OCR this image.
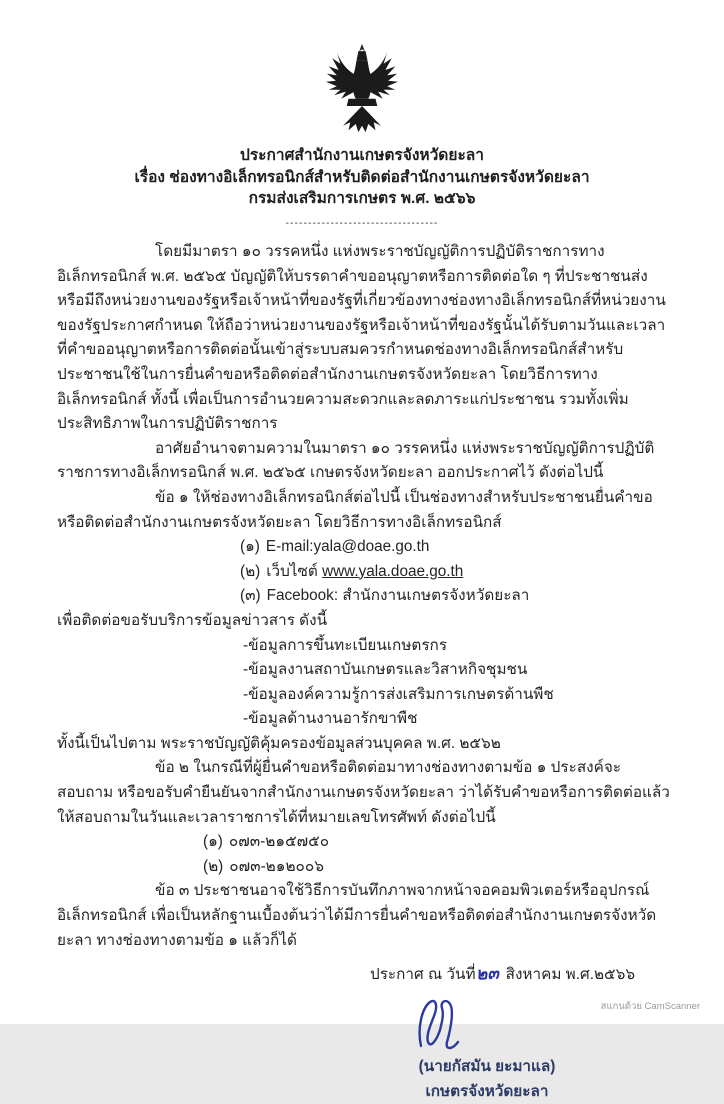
ประกาศสำนักงานเกษตรจังหวัดยะลา
เรื่อง ช่องทางอิเล็กทรอนิกส์สำหรับติดต่อสำนักงานเกษตรจังหวัดยะลา
กรมส่งเสริมการเกษตร พ.ศ. ๒๕๖๖
----------------------------------

โดยมีมาตรา ๑๐ วรรคหนึ่ง แห่งพระราชบัญญัติการปฏิบัติราชการทางอิเล็กทรอนิกส์ พ.ศ. ๒๕๖๕ บัญญัติให้บรรดาคำขออนุญาตหรือการติดต่อใด ๆ ที่ประชาชนส่งหรือมีถึงหน่วยงานของรัฐหรือเจ้าหน้าที่ของรัฐที่เกี่ยวข้องทางช่องทางอิเล็กทรอนิกส์ที่หน่วยงานของรัฐประกาศกำหนด ให้ถือว่าหน่วยงานของรัฐหรือเจ้าหน้าที่ของรัฐนั้นได้รับตามวันและเวลาที่คำขออนุญาตหรือการติดต่อนั้นเข้าสู่ระบบสมควรกำหนดช่องทางอิเล็กทรอนิกส์สำหรับประชาชนใช้ในการยื่นคำขอหรือติดต่อสำนักงานเกษตรจังหวัดยะลา โดยวิธีการทางอิเล็กทรอนิกส์ ทั้งนี้ เพื่อเป็นการอำนวยความสะดวกและลดภาระแก่ประชาชน รวมทั้งเพิ่มประสิทธิภาพในการปฏิบัติราชการ

อาศัยอำนาจตามความในมาตรา ๑๐ วรรคหนึ่ง แห่งพระราชบัญญัติการปฏิบัติราชการทางอิเล็กทรอนิกส์ พ.ศ. ๒๕๖๕ เกษตรจังหวัดยะลา ออกประกาศไว้ ดังต่อไปนี้

ข้อ ๑ ให้ช่องทางอิเล็กทรอนิกส์ต่อไปนี้ เป็นช่องทางสำหรับประชาชนยื่นคำขอหรือติดต่อสำนักงานเกษตรจังหวัดยะลา โดยวิธีการทางอิเล็กทรอนิกส์

(๑) E-mail:yala@doae.go.th
(๒) เว็บไซต์ www.yala.doae.go.th
(๓) Facebook: สำนักงานเกษตรจังหวัดยะลา

เพื่อติดต่อขอรับบริการข้อมูลข่าวสาร ดังนี้

-ข้อมูลการขึ้นทะเบียนเกษตรกร
-ข้อมูลงานสถาบันเกษตรและวิสาหกิจชุมชน
-ข้อมูลองค์ความรู้การส่งเสริมการเกษตรด้านพืช
-ข้อมูลด้านงานอารักขาพืช

ทั้งนี้เป็นไปตาม พระราชบัญญัติคุ้มครองข้อมูลส่วนบุคคล พ.ศ. ๒๕๖๒

ข้อ ๒ ในกรณีที่ผู้ยื่นคำขอหรือติดต่อมาทางช่องทางตามข้อ ๑ ประสงค์จะสอบถาม หรือขอรับคำยืนยันจากสำนักงานเกษตรจังหวัดยะลา ว่าได้รับคำขอหรือการติดต่อแล้วให้สอบถามในวันและเวลาราชการได้ที่หมายเลขโทรศัพท์ ดังต่อไปนี้

(๑) ๐๗๓-๒๑๕๗๕๐
(๒) ๐๗๓-๒๑๒๐๐๖

ข้อ ๓ ประชาชนอาจใช้วิธีการบันทึกภาพจากหน้าจอคอมพิวเตอร์หรืออุปกรณ์อิเล็กทรอนิกส์ เพื่อเป็นหลักฐานเบื้องต้นว่าได้มีการยื่นคำขอหรือติดต่อสำนักงานเกษตรจังหวัดยะลา ทางช่องทางตามข้อ ๑ แล้วก็ได้

ประกาศ ณ วันที่๒๓ สิงหาคม พ.ศ.๒๕๖๖
(นายกัสมัน ยะมาแล)
เกษตรจังหวัดยะลา
สแกนด้วย CamScanner
